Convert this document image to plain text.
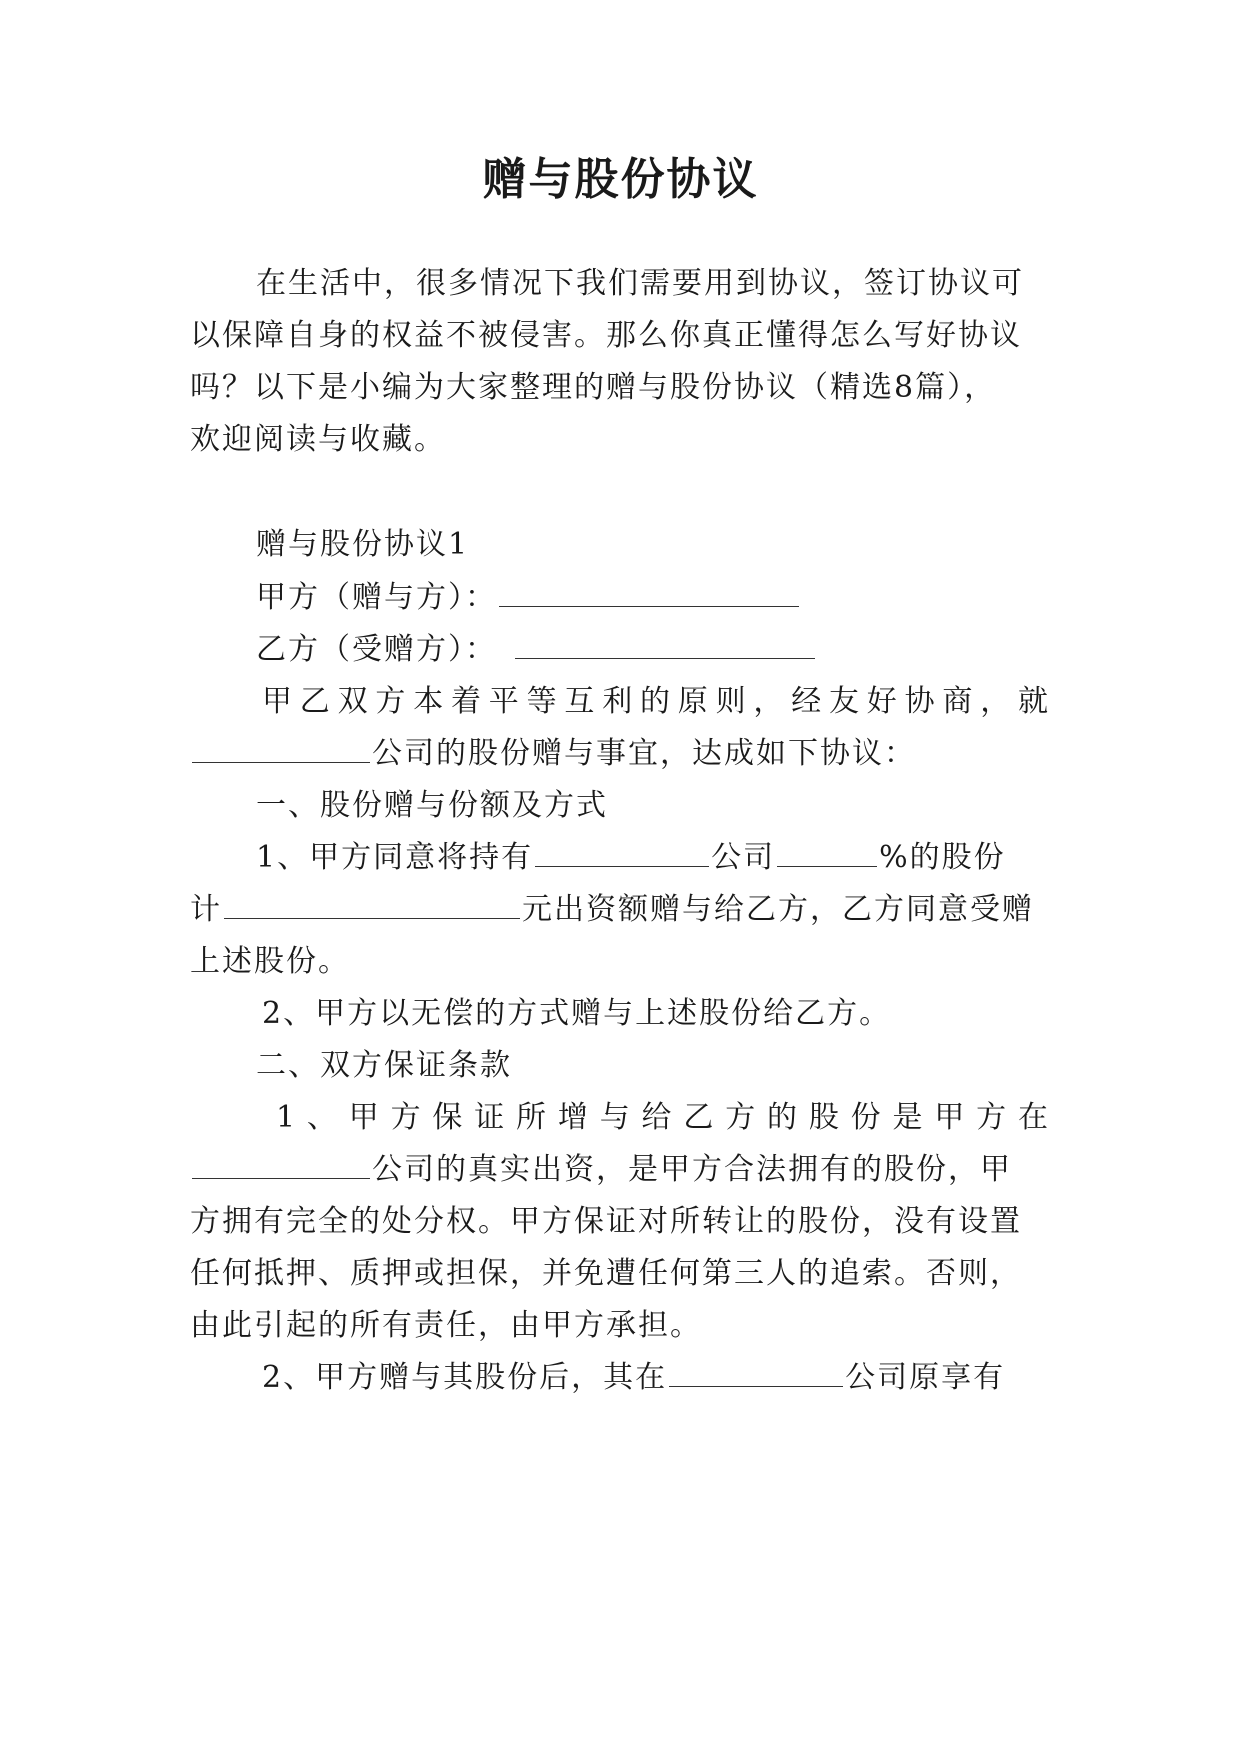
赠与股份协议
在生活中，很多情况下我们需要用到协议，签订协议可
以保障自身的权益不被侵害。那么你真正懂得怎么写好协议
吗？以下是小编为大家整理的赠与股份协议（精选8篇），
欢迎阅读与收藏。
赠与股份协议1
甲方（赠与方）：
乙方（受赠方）：
甲乙双方本着平等互利的原则，经友好协商，就
公司的股份赠与事宜，达成如下协议：
一、股份赠与份额及方式
1、甲方同意将持有	公司	%的股份
计	元出资额赠与给乙方，乙方同意受赠
上述股份。
2、甲方以无偿的方式赠与上述股份给乙方。
二、双方保证条款
1、甲方保证所增与给乙方的股份是甲方在
公司的真实出资，是甲方合法拥有的股份，甲
方拥有完全的处分权。甲方保证对所转让的股份，没有设置
任何抵押、质押或担保，并免遭任何第三人的追索。否则，
由此引起的所有责任，由甲方承担。
2、甲方赠与其股份后，其在	公司原享有
